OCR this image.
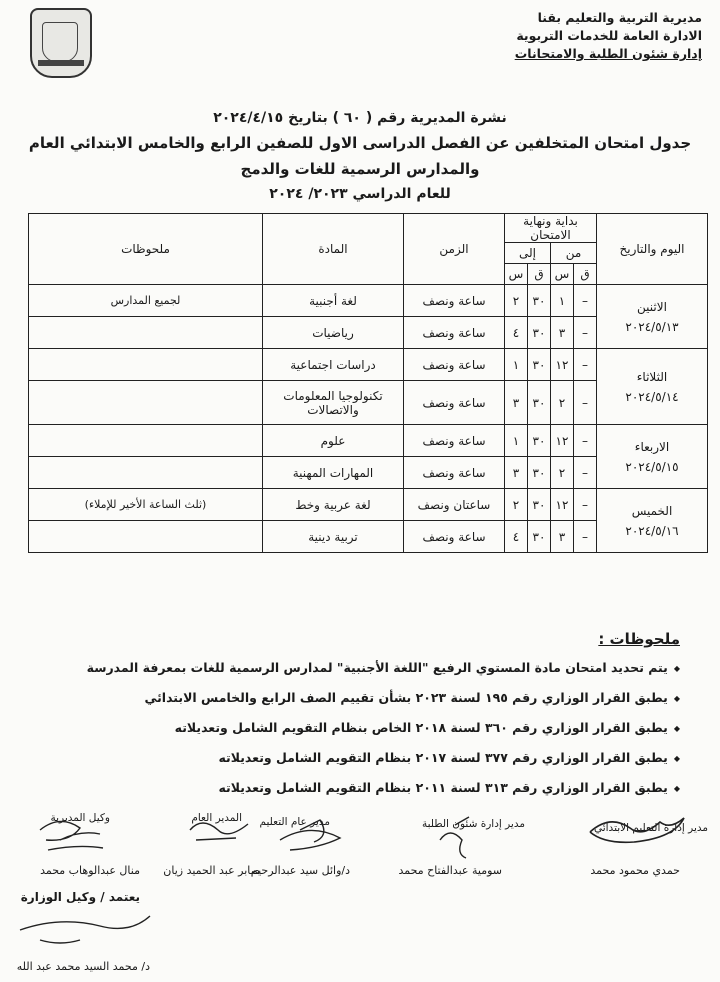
مديرية التربية والتعليم بقنا
الادارة العامة للخدمات التربوية
إدارة شئون الطلبة والامتحانات
نشرة المديرية رقم ( ٦٠ ) بتاريخ ٢٠٢٤/٤/١٥
جدول امتحان المتخلفين عن الفصل الدراسى الاول للصفين الرابع والخامس الابتدائي العام
والمدارس الرسمية للغات والدمج
للعام الدراسي ٢٠٢٣/ ٢٠٢٤
اليوم والتاريخ	بداية ونهاية الامتحان				الزمن	المادة	ملحوظات
	من		إلى				
	ق	س	ق	س			

الاثنين
٢٠٢٤/٥/١٣	–	١	٣٠	٢	ساعة ونصف	لغة أجنبية	لجميع المدارس
	–	٣	٣٠	٤	ساعة ونصف	رياضيات	

الثلاثاء
٢٠٢٤/٥/١٤	–	١٢	٣٠	١	ساعة ونصف	دراسات اجتماعية	
	–	٢	٣٠	٣	ساعة ونصف	تكنولوجيا المعلومات والاتصالات	

الاربعاء
٢٠٢٤/٥/١٥	–	١٢	٣٠	١	ساعة ونصف	علوم	
	–	٢	٣٠	٣	ساعة ونصف	المهارات المهنية	

الخميس
٢٠٢٤/٥/١٦	–	١٢	٣٠	٢	ساعتان ونصف	لغة عربية وخط	(ثلث الساعة الأخير للإملاء)
	–	٣	٣٠	٤	ساعة ونصف	تربية دينية	
ملحوظات :
◆ يتم تحديد امتحان مادة المستوي الرفيع "اللغة الأجنبية" لمدارس الرسمية للغات بمعرفة المدرسة
◆ يطبق القرار الوزاري رقم ١٩٥ لسنة ٢٠٢٣ بشأن تقييم الصف الرابع والخامس الابتدائي
◆ يطبق القرار الوزاري رقم ٣٦٠ لسنة ٢٠١٨ الخاص بنظام التقويم الشامل وتعديلاته
◆ يطبق القرار الوزاري رقم ٣٧٧ لسنة ٢٠١٧ بنظام التقويم الشامل وتعديلاته
◆ يطبق القرار الوزاري رقم ٣١٣ لسنة ٢٠١١ بنظام التقويم الشامل وتعديلاته
مدير إدارة التعليم الابتدائي
حمدي محمود محمد
مدير إدارة شئون الطلبة
سومية عبدالفتاح محمد
مدير عام التعليم
د/وائل سيد عبدالرحيم
المدير العام
صابر عبد الحميد زيان
وكيل المديرية
منال عبدالوهاب محمد
يعتمد / وكيل الوزارة
د/ محمد السيد محمد عبد الله
